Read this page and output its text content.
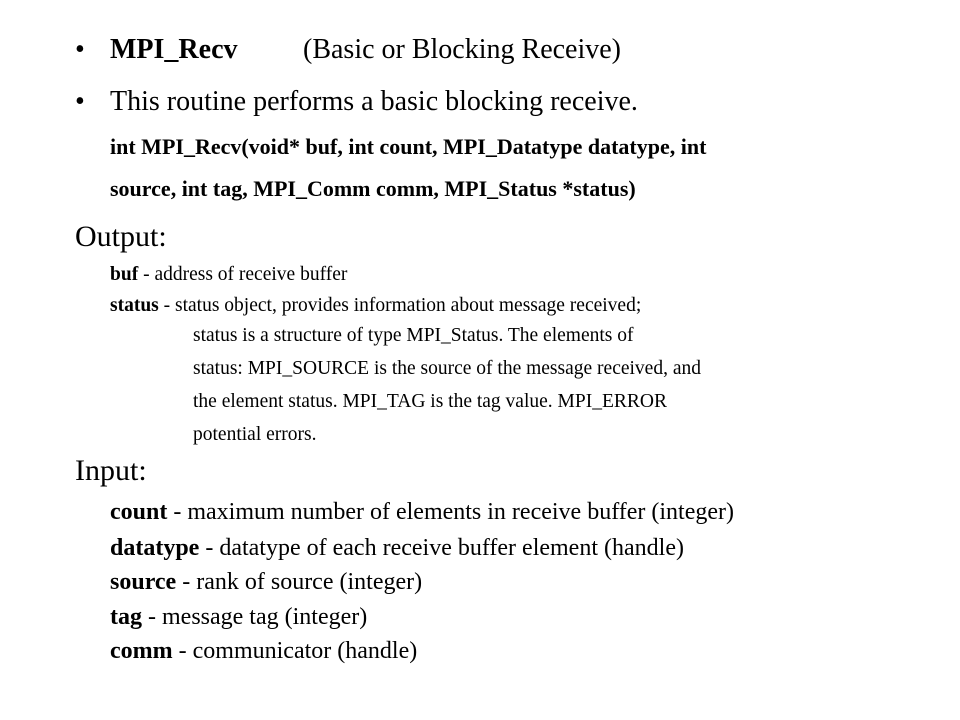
• MPI_Recv (Basic or Blocking Receive)
• This routine performs a basic blocking receive.
int MPI_Recv(void* buf, int count, MPI_Datatype datatype, int
source, int tag, MPI_Comm comm, MPI_Status *status)
Output:
buf - address of receive buffer
status - status object, provides information about message received;
status is a structure of type MPI_Status. The elements of
status: MPI_SOURCE is the source of the message received, and
the element status. MPI_TAG is the tag value. MPI_ERROR
potential errors.
Input:
count - maximum number of elements in receive buffer (integer)
datatype - datatype of each receive buffer element (handle)
source - rank of source (integer)
tag - message tag (integer)
comm - communicator (handle)
